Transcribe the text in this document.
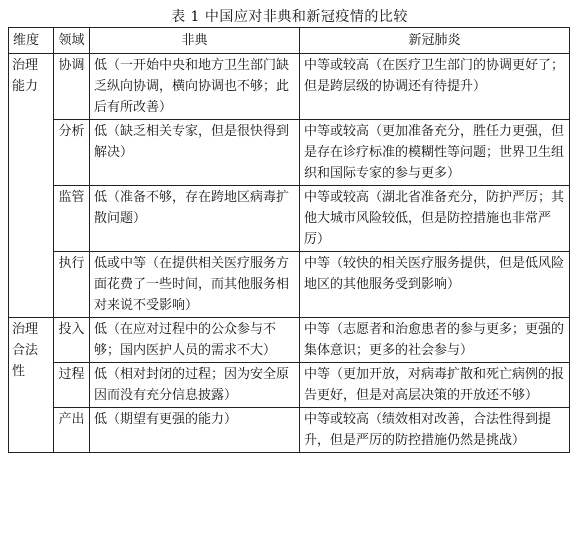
表 1 中国应对非典和新冠疫情的比较
维度	领域	非典	新冠肺炎
治理能力	协调	低（一开始中央和地方卫生部门缺乏纵向协调，横向协调也不够；此后有所改善）	中等或较高（在医疗卫生部门的协调更好了；但是跨层级的协调还有待提升）
	分析	低（缺乏相关专家，但是很快得到解决）	中等或较高（更加准备充分，胜任力更强，但是存在诊疗标准的模糊性等问题；世界卫生组织和国际专家的参与更多）
	监管	低（准备不够，存在跨地区病毒扩散问题）	中等或较高（湖北省准备充分，防护严厉；其他大城市风险较低，但是防控措施也非常严厉）
	执行	低或中等（在提供相关医疗服务方面花费了一些时间，而其他服务相对来说不受影响）	中等（较快的相关医疗服务提供，但是低风险地区的其他服务受到影响）
治理合法性	投入	低（在应对过程中的公众参与不够；国内医护人员的需求不大）	中等（志愿者和治愈患者的参与更多；更强的集体意识；更多的社会参与）
	过程	低（相对封闭的过程；因为安全原因而没有充分信息披露）	中等（更加开放，对病毒扩散和死亡病例的报告更好，但是对高层决策的开放还不够）
	产出	低（期望有更强的能力）	中等或较高（绩效相对改善，合法性得到提升，但是严厉的防控措施仍然是挑战）
